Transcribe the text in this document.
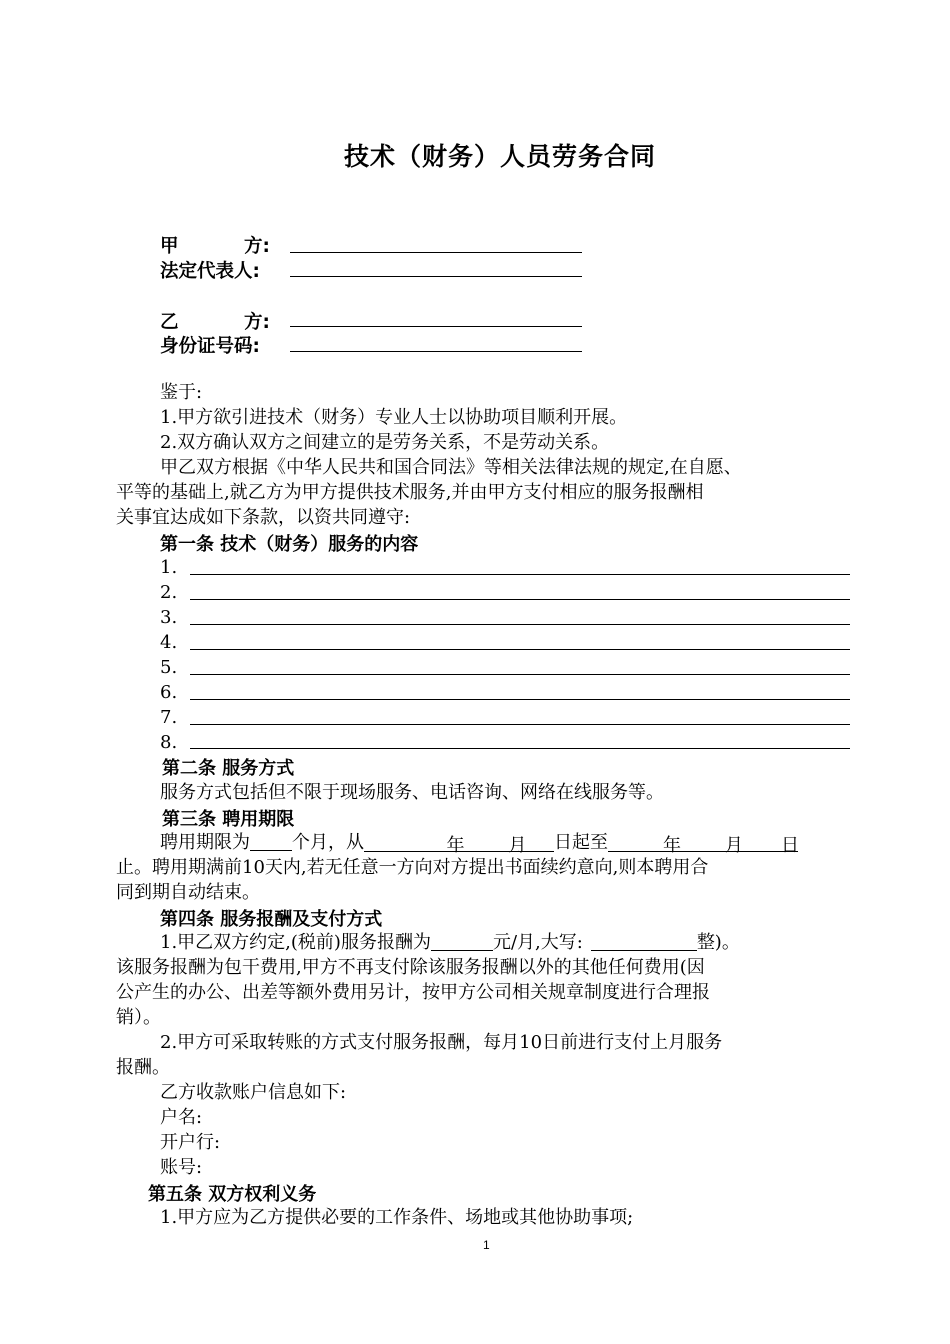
技术（财务）人员劳务合同
甲	方:
法定代表人:
乙	方:
身份证号码:
鉴于:
1.甲方欲引进技术（财务）专业人士以协助项目顺利开展。
2.双方确认双方之间建立的是劳务关系，不是劳动关系。
甲乙双方根据《中华人民共和国合同法》等相关法律法规的规定,在自愿、
平等的基础上,就乙方为甲方提供技术服务,并由甲方支付相应的服务报酬相
关事宜达成如下条款，以资共同遵守:
第一条 技术（财务）服务的内容
1.
2.
3.
4.
5.
6.
7.
8.
第二条 服务方式
服务方式包括但不限于现场服务、电话咨询、网络在线服务等。
第三条 聘用期限
聘用期限为 个月，从	年 月 日起至	年 月 日
止。聘用期满前10天内,若无任意一方向对方提出书面续约意向,则本聘用合
同到期自动结束。
第四条 服务报酬及支付方式
1.甲乙双方约定,(税前)服务报酬为	元/月,大写:	整)。
该服务报酬为包干费用,甲方不再支付除该服务报酬以外的其他任何费用(因
公产生的办公、出差等额外费用另计，按甲方公司相关规章制度进行合理报
销）。
2.甲方可采取转账的方式支付服务报酬，每月10日前进行支付上月服务
报酬。
乙方收款账户信息如下:
户名:
开户行:
账号:
第五条 双方权利义务
1.甲方应为乙方提供必要的工作条件、场地或其他协助事项;
1
